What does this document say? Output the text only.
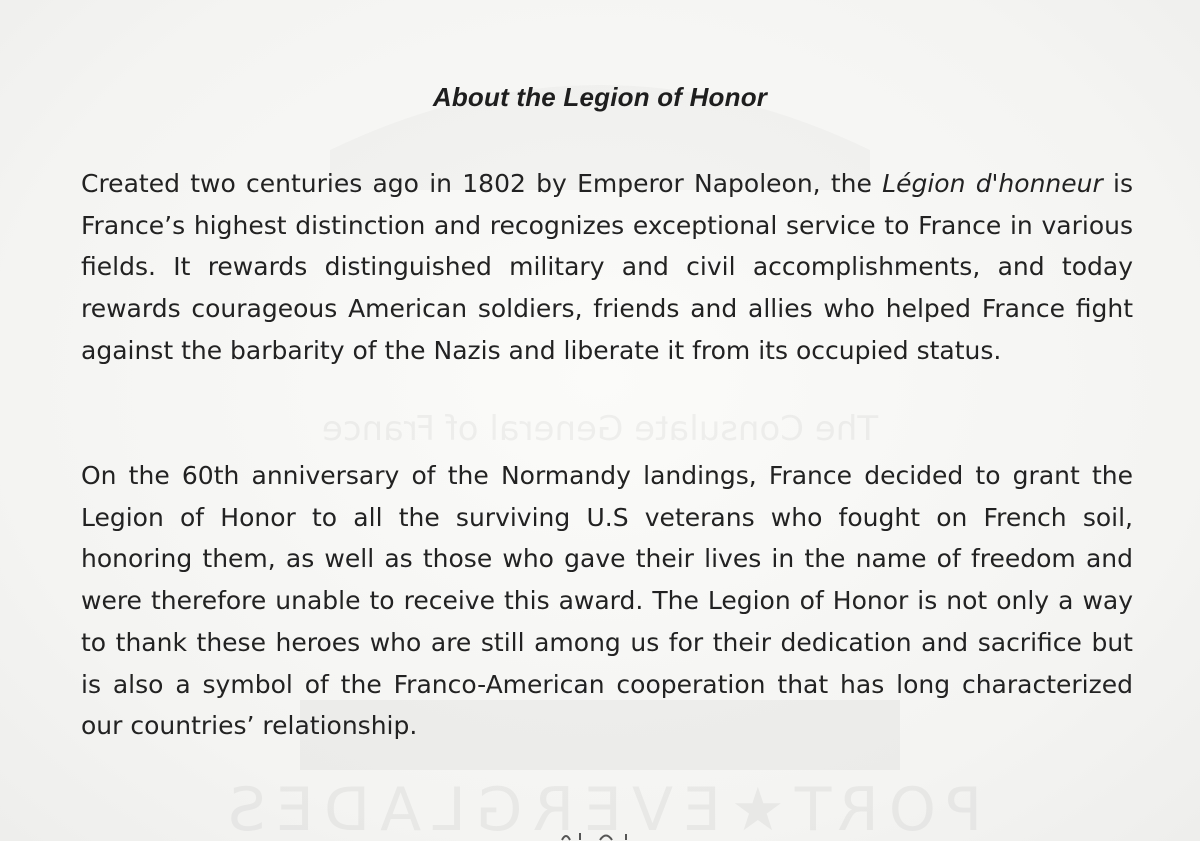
The Consulate General of France
PORT★EVERGLADES
About the Legion of Honor

Created two centuries ago in 1802 by Emperor Napoleon, the Légion d'honneur is France’s highest distinction and recognizes exceptional service to France in various fields. It rewards distinguished military and civil accomplishments, and today rewards courageous American soldiers, friends and allies who helped France fight against the barbarity of the Nazis and liberate it from its occupied status.

On the 60th anniversary of the Normandy landings, France decided to grant the Legion of Honor to all the surviving U.S veterans who fought on French soil, honoring them, as well as those who gave their lives in the name of freedom and were therefore unable to receive this award. The Legion of Honor is not only a way to thank these heroes who are still among us for their dedication and sacrifice but is also a symbol of the Franco-American cooperation that has long characterized our countries’ relationship.
